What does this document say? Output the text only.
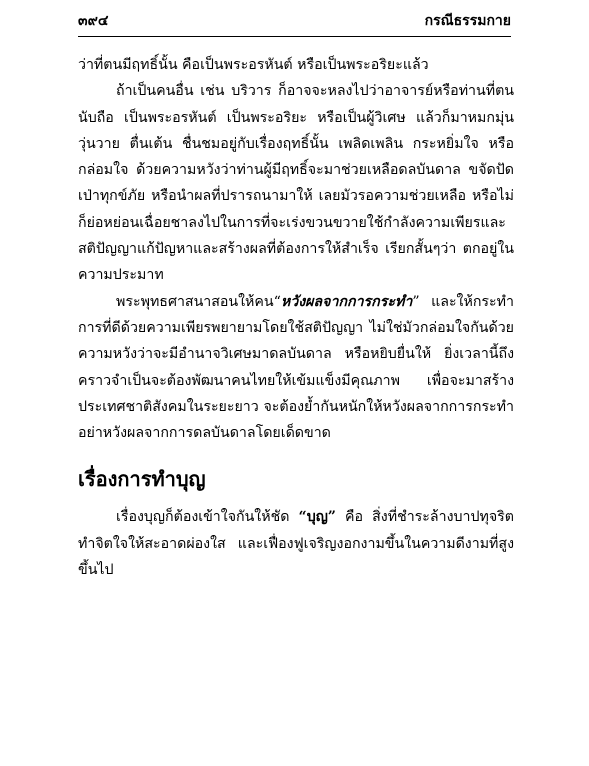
๓๙๔	กรณีธรรมกาย

ว่าที่ตนมีฤทธิ์นั้น คือเป็นพระอรหันต์ หรือเป็นพระอริยะแล้ว

ถ้าเป็นคนอื่น เช่น บริวาร ก็อาจจะหลงไปว่าอาจารย์หรือท่านที่ตนนับถือ เป็นพระอรหันต์ เป็นพระอริยะ หรือเป็นผู้วิเศษ แล้วก็มาหมกมุ่นวุ่นวาย ตื่นเต้น ชื่นชมอยู่กับเรื่องฤทธิ์นั้น เพลิดเพลิน กระหยิ่มใจ หรือกล่อมใจ ด้วยความหวังว่าท่านผู้มีฤทธิ์จะมาช่วยเหลือดลบันดาล ขจัดปัดเป่าทุกข์ภัย หรือนำผลที่ปรารถนามาให้ เลยมัวรอความช่วยเหลือ หรือไม่ก็ย่อหย่อนเฉื่อยชาลงไปในการที่จะเร่งขวนขวายใช้กำลังความเพียรและสติปัญญาแก้ปัญหาและสร้างผลที่ต้องการให้สำเร็จ เรียกสั้นๆว่า ตกอยู่ในความประมาท

พระพุทธศาสนาสอนให้คน“หวังผลจากการกระทำ” และให้กระทำการที่ดีด้วยความเพียรพยายามโดยใช้สติปัญญา ไม่ใช่มัวกล่อมใจกันด้วยความหวังว่าจะมีอำนาจวิเศษมาดลบันดาล หรือหยิบยื่นให้ ยิ่งเวลานี้ถึงคราวจำเป็นจะต้องพัฒนาคนไทยให้เข้มแข็งมีคุณภาพ เพื่อจะมาสร้างประเทศชาติสังคมในระยะยาว จะต้องย้ำกันหนักให้หวังผลจากการกระทำ อย่าหวังผลจากการดลบันดาลโดยเด็ดขาด

เรื่องการทำบุญ

เรื่องบุญก็ต้องเข้าใจกันให้ชัด “บุญ” คือ สิ่งที่ชำระล้างบาปทุจริต ทำจิตใจให้สะอาดผ่องใส และเฟื่องฟูเจริญงอกงามขึ้นในความดีงามที่สูงขึ้นไป
